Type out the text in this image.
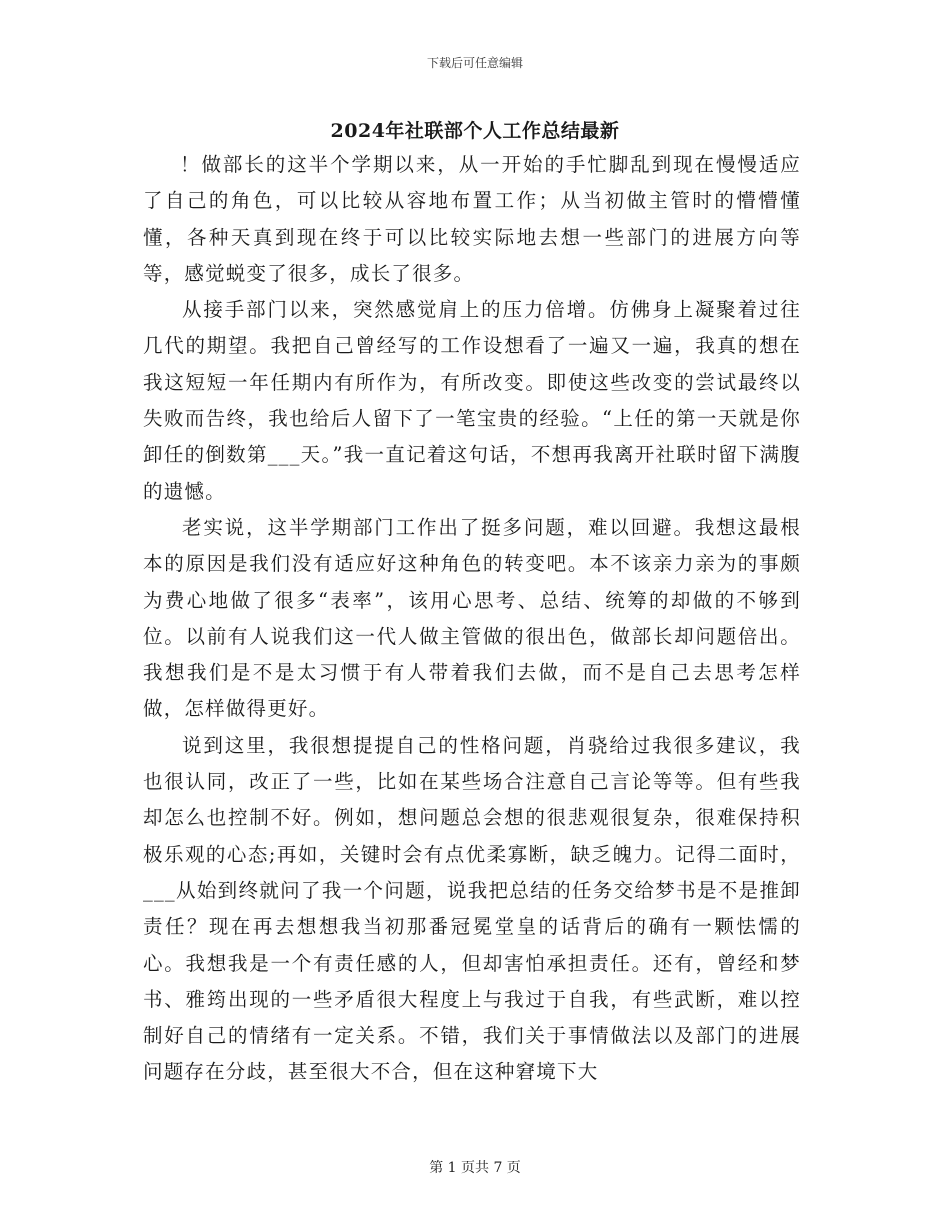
下载后可任意编辑
2024年社联部个人工作总结最新

！做部长的这半个学期以来，从一开始的手忙脚乱到现在慢慢适应了自己的角色，可以比较从容地布置工作；从当初做主管时的懵懵懂懂，各种天真到现在终于可以比较实际地去想一些部门的进展方向等等，感觉蜕变了很多，成长了很多。

从接手部门以来，突然感觉肩上的压力倍增。仿佛身上凝聚着过往几代的期望。我把自己曾经写的工作设想看了一遍又一遍，我真的想在我这短短一年任期内有所作为，有所改变。即使这些改变的尝试最终以失败而告终，我也给后人留下了一笔宝贵的经验。“上任的第一天就是你卸任的倒数第___天。”我一直记着这句话，不想再我离开社联时留下满腹的遗憾。

老实说，这半学期部门工作出了挺多问题，难以回避。我想这最根本的原因是我们没有适应好这种角色的转变吧。本不该亲力亲为的事颇为费心地做了很多“表率”，该用心思考、总结、统筹的却做的不够到位。以前有人说我们这一代人做主管做的很出色，做部长却问题倍出。我想我们是不是太习惯于有人带着我们去做，而不是自己去思考怎样做，怎样做得更好。

说到这里，我很想提提自己的性格问题，肖骁给过我很多建议，我也很认同，改正了一些，比如在某些场合注意自己言论等等。但有些我却怎么也控制不好。例如，想问题总会想的很悲观很复杂，很难保持积极乐观的心态;再如，关键时会有点优柔寡断，缺乏魄力。记得二面时，___从始到终就问了我一个问题，说我把总结的任务交给梦书是不是推卸责任？现在再去想想我当初那番冠冕堂皇的话背后的确有一颗怯懦的心。我想我是一个有责任感的人，但却害怕承担责任。还有，曾经和梦书、雅筠出现的一些矛盾很大程度上与我过于自我，有些武断，难以控制好自己的情绪有一定关系。不错，我们关于事情做法以及部门的进展问题存在分歧，甚至很大不合，但在这种窘境下大

第 1 页共 7 页
